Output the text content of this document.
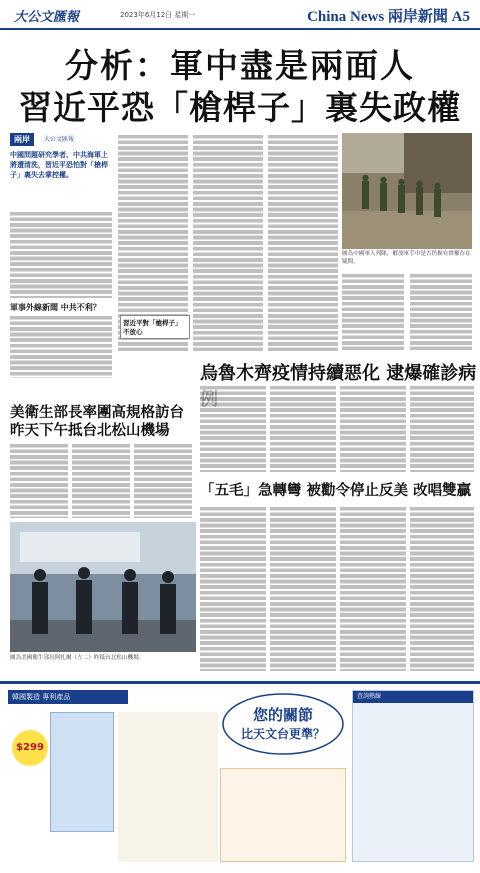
大公文匯報	2023年6月12日 星期一	China News 兩岸新聞 A5
分析：軍中盡是兩面人
習近平恐「槍桿子」裏失政權
兩岸	大公文匯報
中國問題研究學者、中共海軍上將遭清洗，習近平恐怕對「槍桿子」裏失去掌控權。
軍事外線新聞 中共不利？
習近平對「槍桿子」不放心
圖為中國軍人列隊，解放軍手中是否仍握有實權存在疑問。
烏魯木齊疫情持續惡化 逮爆確診病
美衛生部長率團高規格訪台
昨天下午抵台北松山機場
圖為美國衛生部長阿扎爾（左二）昨抵台北松山機場。
「五毛」急轉彎 被勸令停止反美 改唱雙贏
韓國製造 專利產品
$299
您的關節
比天文台更準？
查詢熱線
